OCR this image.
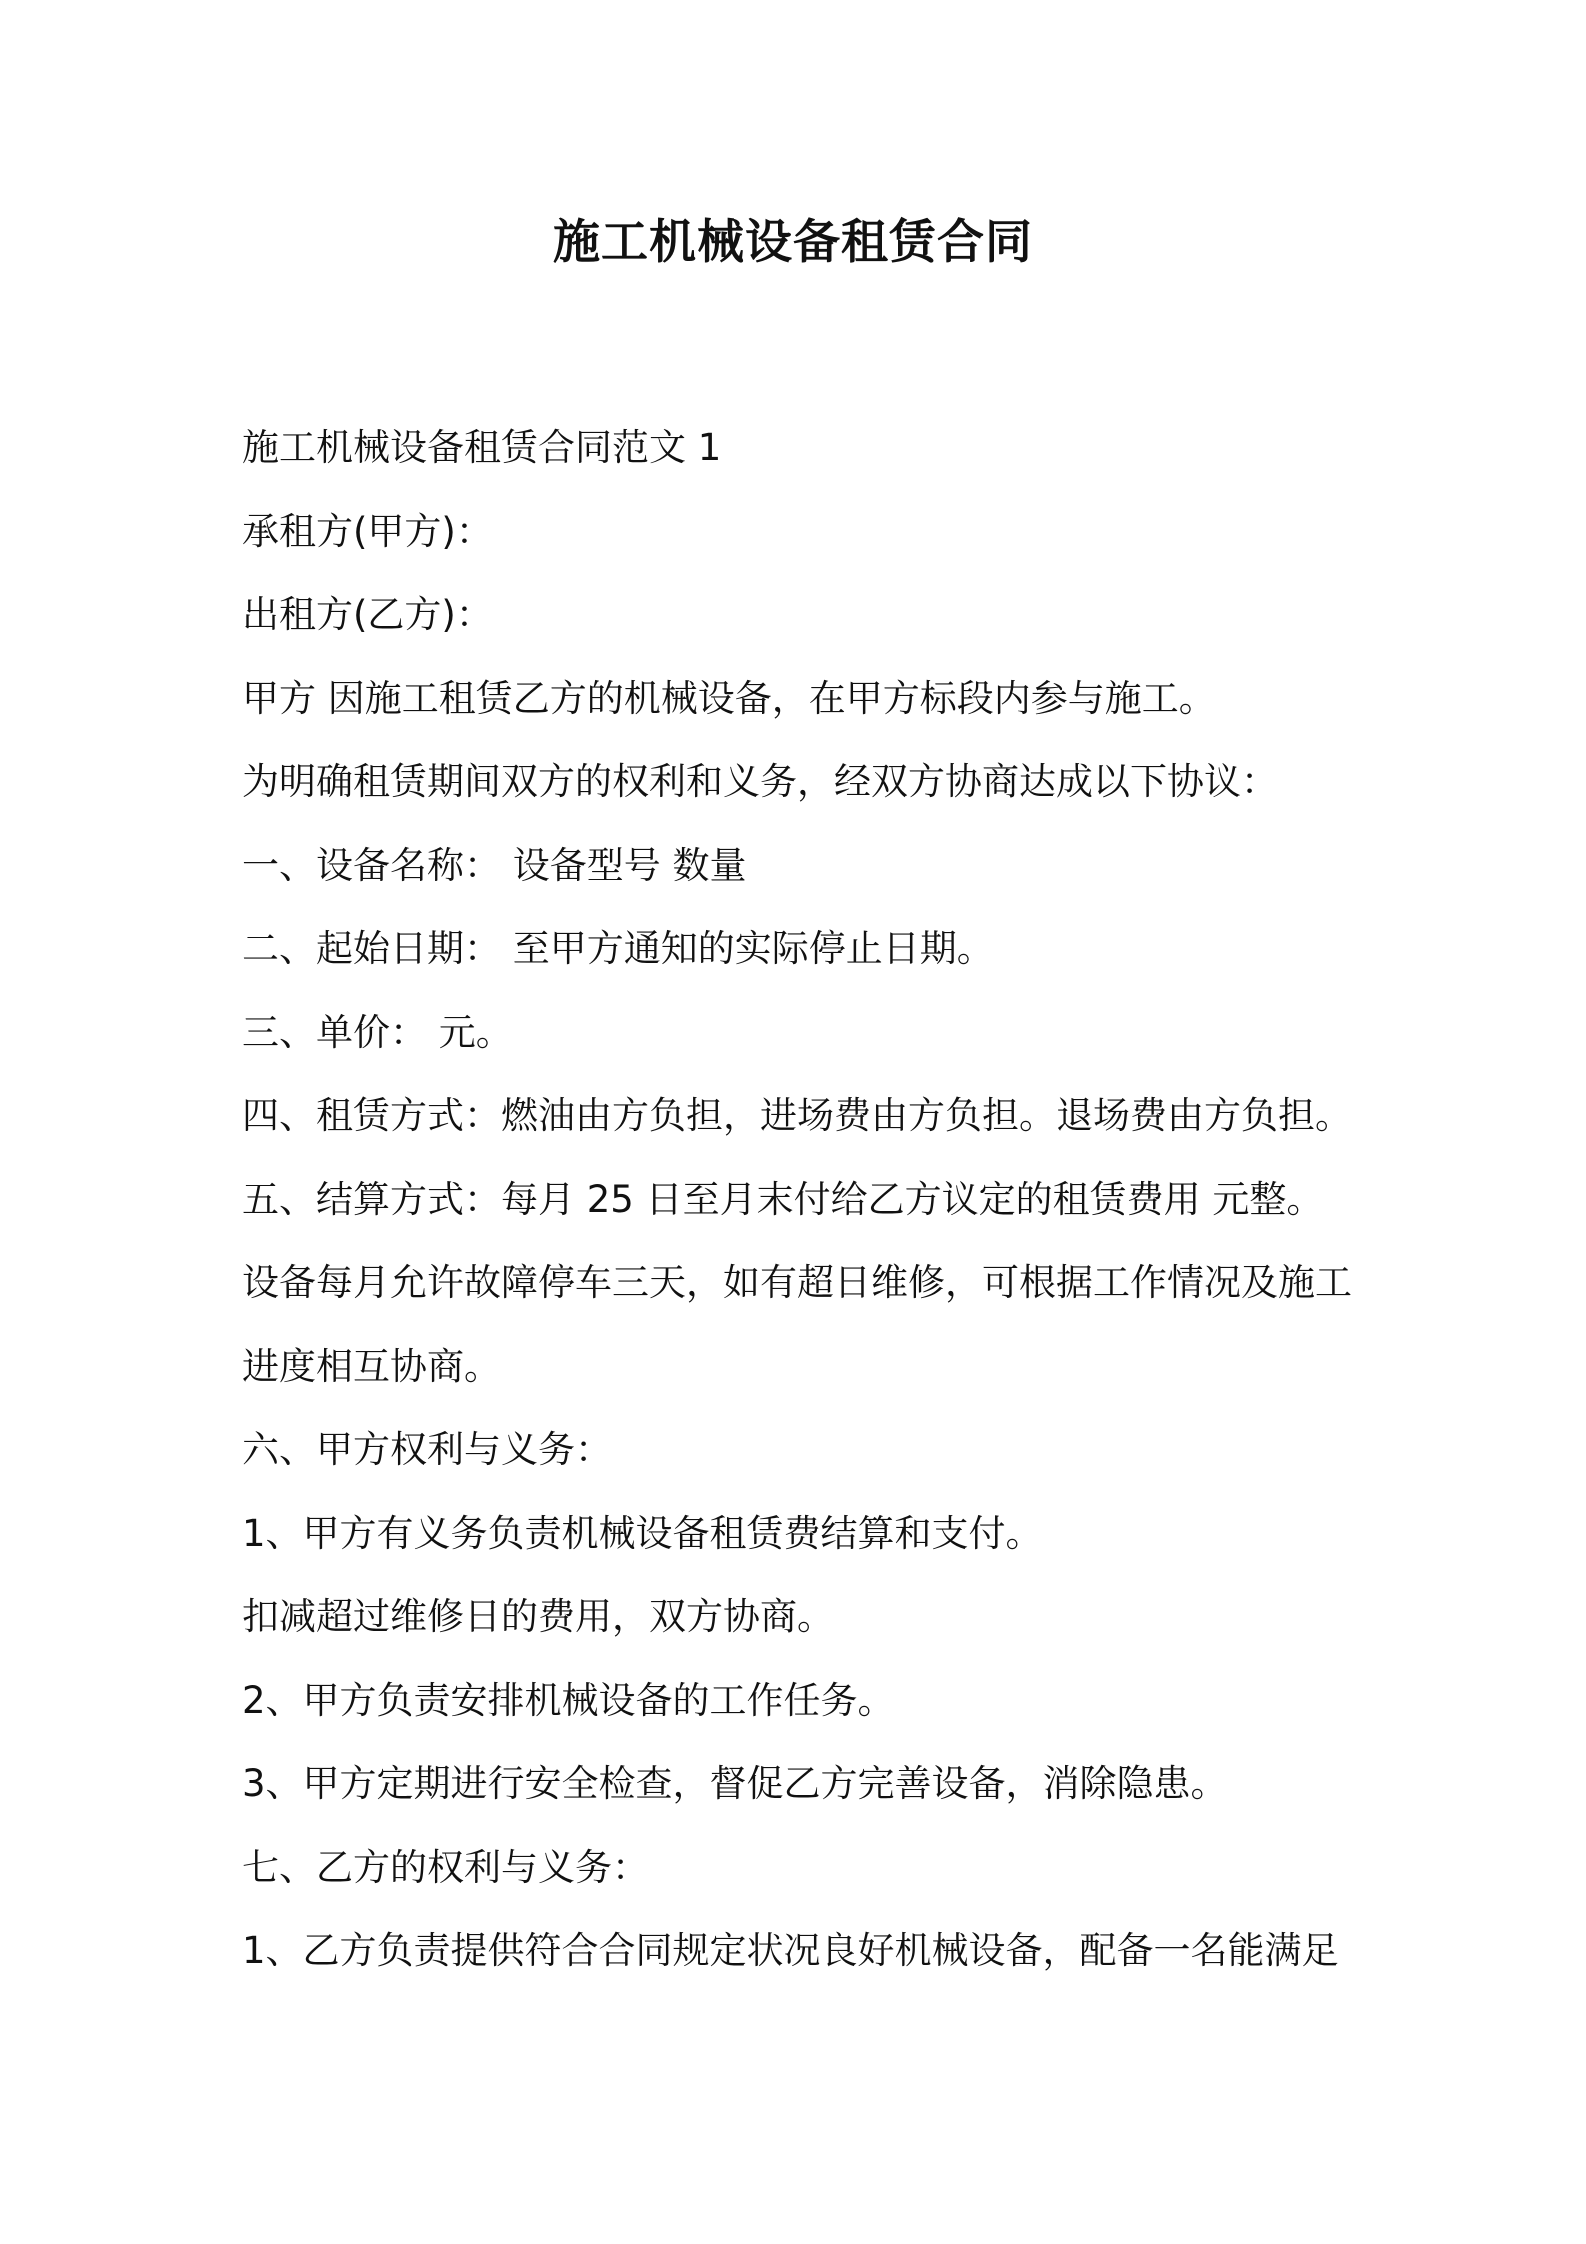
施工机械设备租赁合同

施工机械设备租赁合同范文 1

承租方(甲方)：

出租方(乙方)：

甲方 因施工租赁乙方的机械设备，在甲方标段内参与施工。

为明确租赁期间双方的权利和义务，经双方协商达成以下协议：

一、设备名称： 设备型号 数量

二、起始日期： 至甲方通知的实际停止日期。

三、单价： 元。

四、租赁方式：燃油由方负担，进场费由方负担。退场费由方负担。

五、结算方式：每月 25 日至月末付给乙方议定的租赁费用 元整。

设备每月允许故障停车三天，如有超日维修，可根据工作情况及施工

进度相互协商。

六、甲方权利与义务：

1、甲方有义务负责机械设备租赁费结算和支付。

扣减超过维修日的费用，双方协商。

2、甲方负责安排机械设备的工作任务。

3、甲方定期进行安全检查，督促乙方完善设备，消除隐患。

七、乙方的权利与义务：

1、乙方负责提供符合合同规定状况良好机械设备，配备一名能满足
